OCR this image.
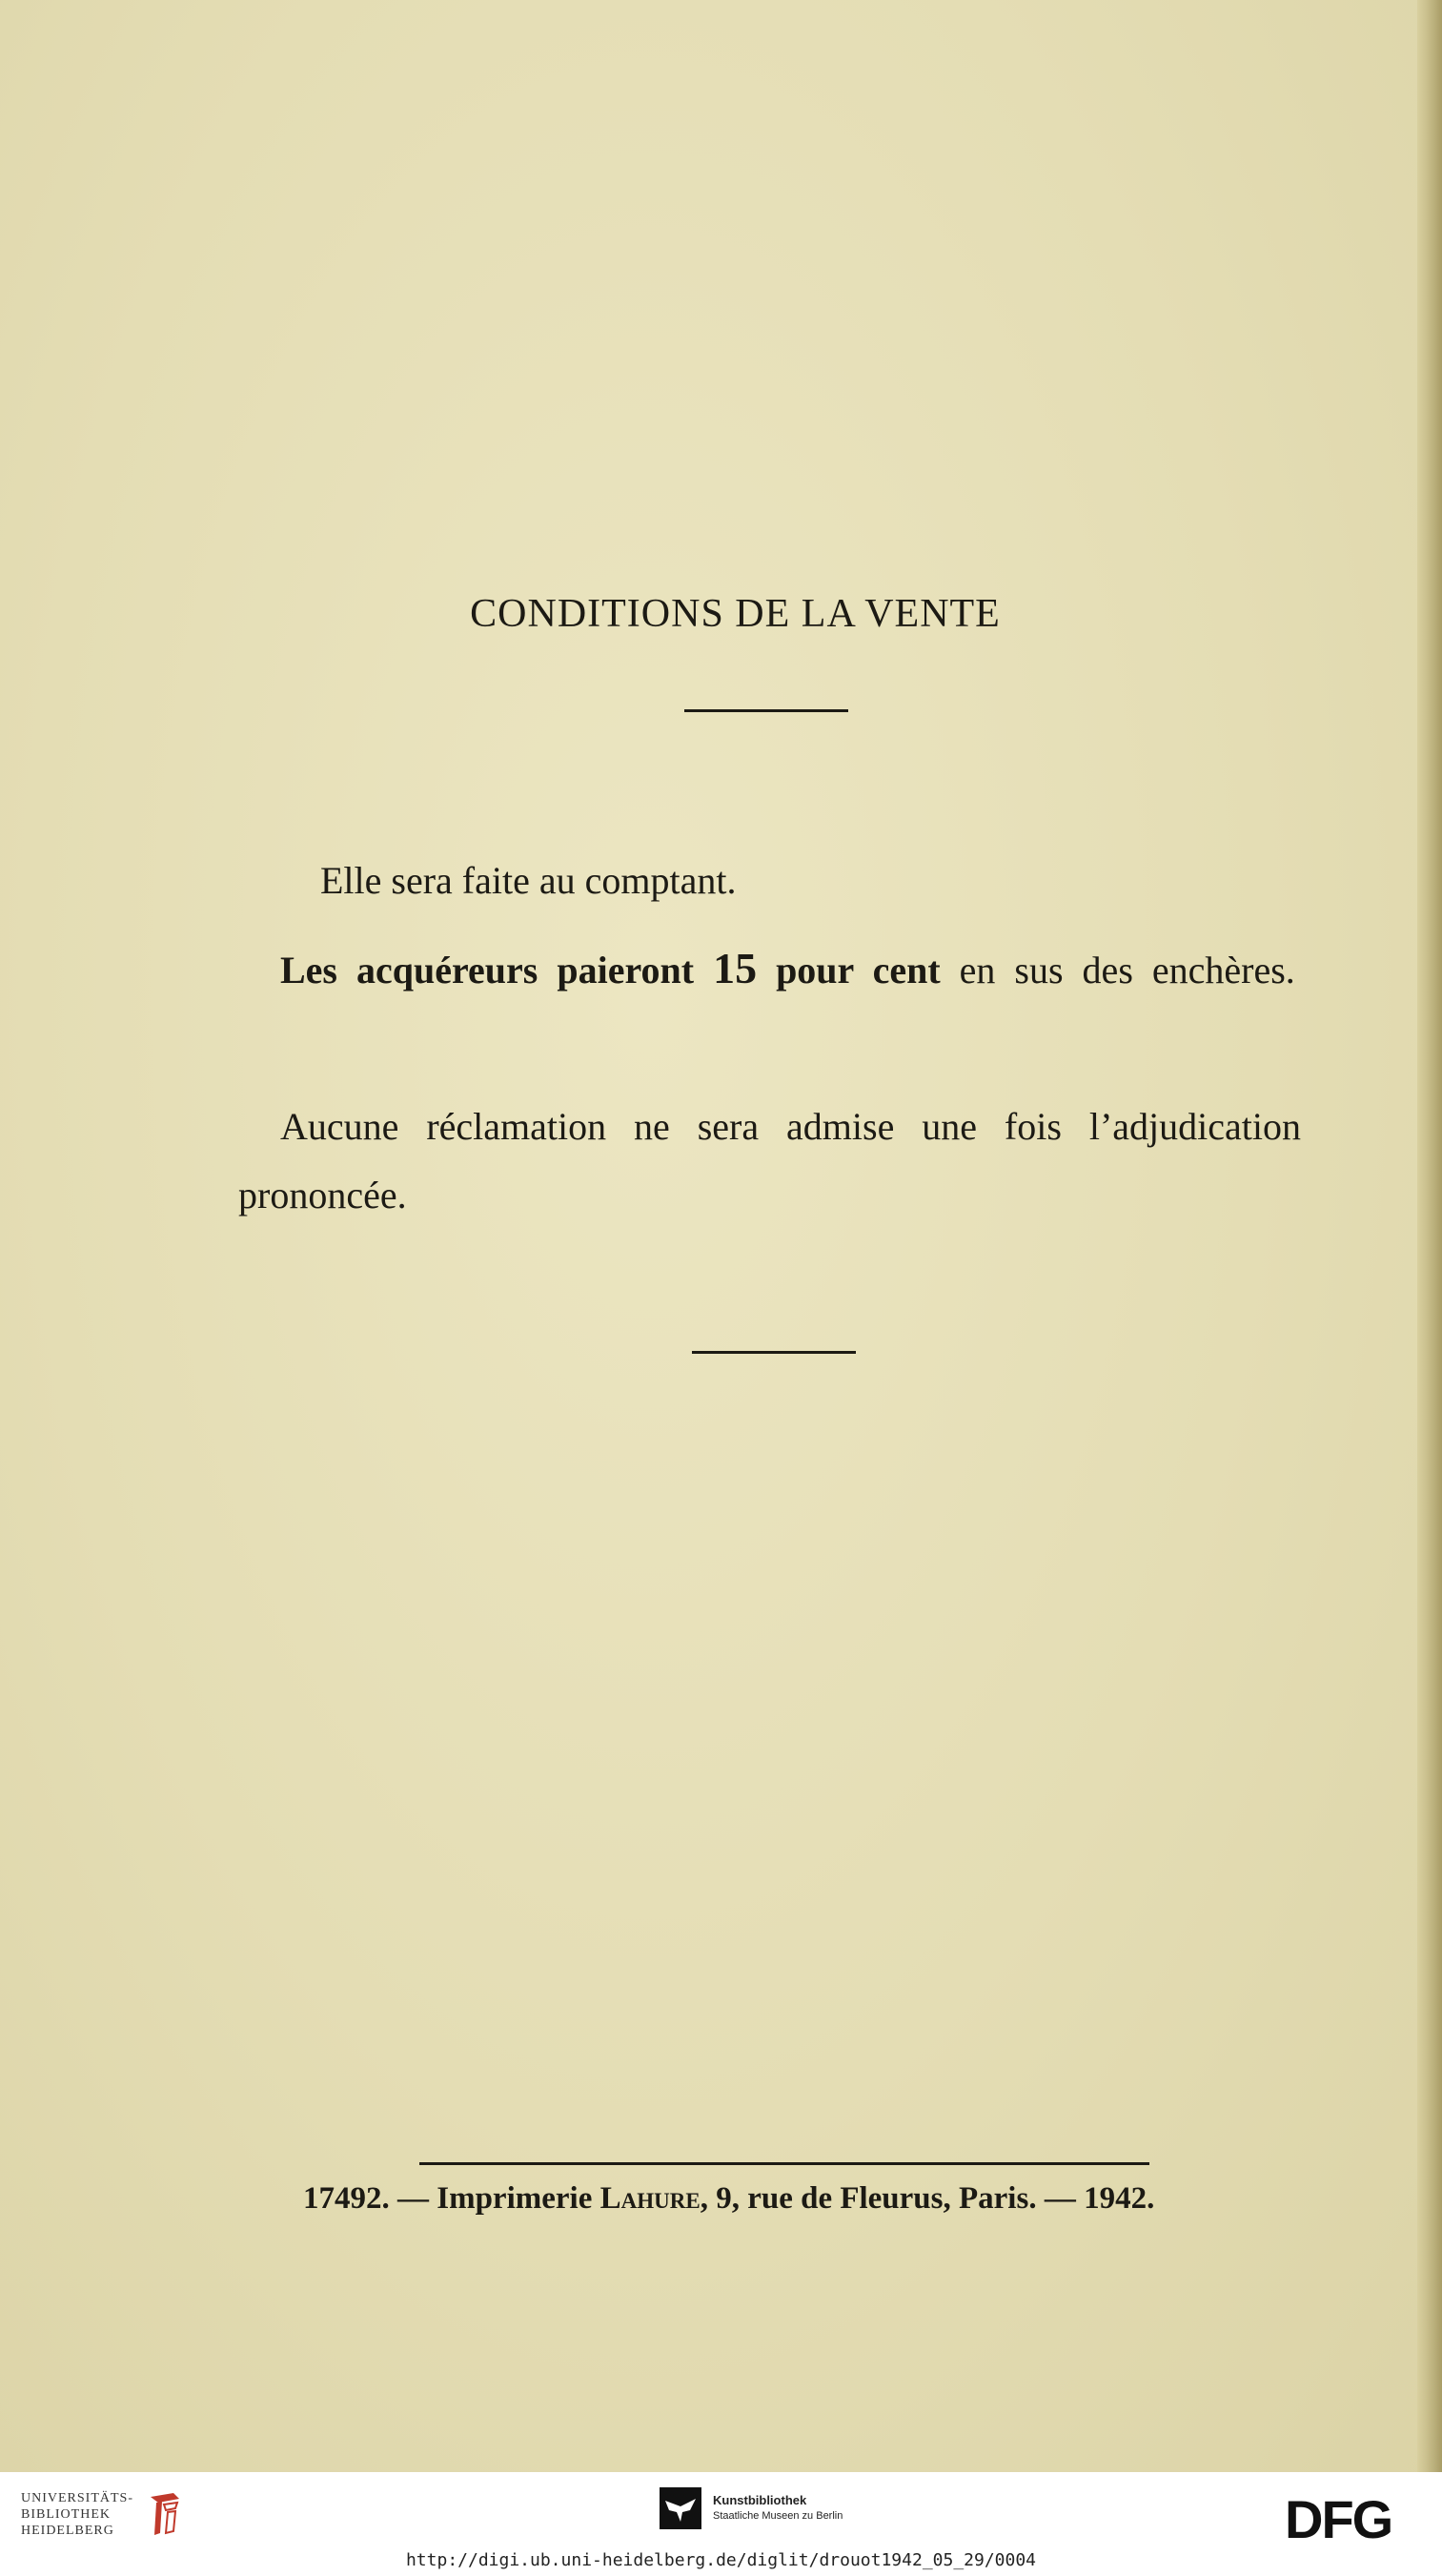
CONDITIONS DE LA VENTE

Elle sera faite au comptant.

Les acquéreurs paieront 15 pour cent en sus des enchères.

Aucune réclamation ne sera admise une fois l’adjudication prononcée.

17492. — Imprimerie Lahure, 9, rue de Fleurus, Paris. — 1942.

UNIVERSITÄTS-
BIBLIOTHEK
HEIDELBERG
Kunstbibliothek
Staatliche Museen zu Berlin	DFG

http://digi.ub.uni-heidelberg.de/diglit/drouot1942_05_29/0004
